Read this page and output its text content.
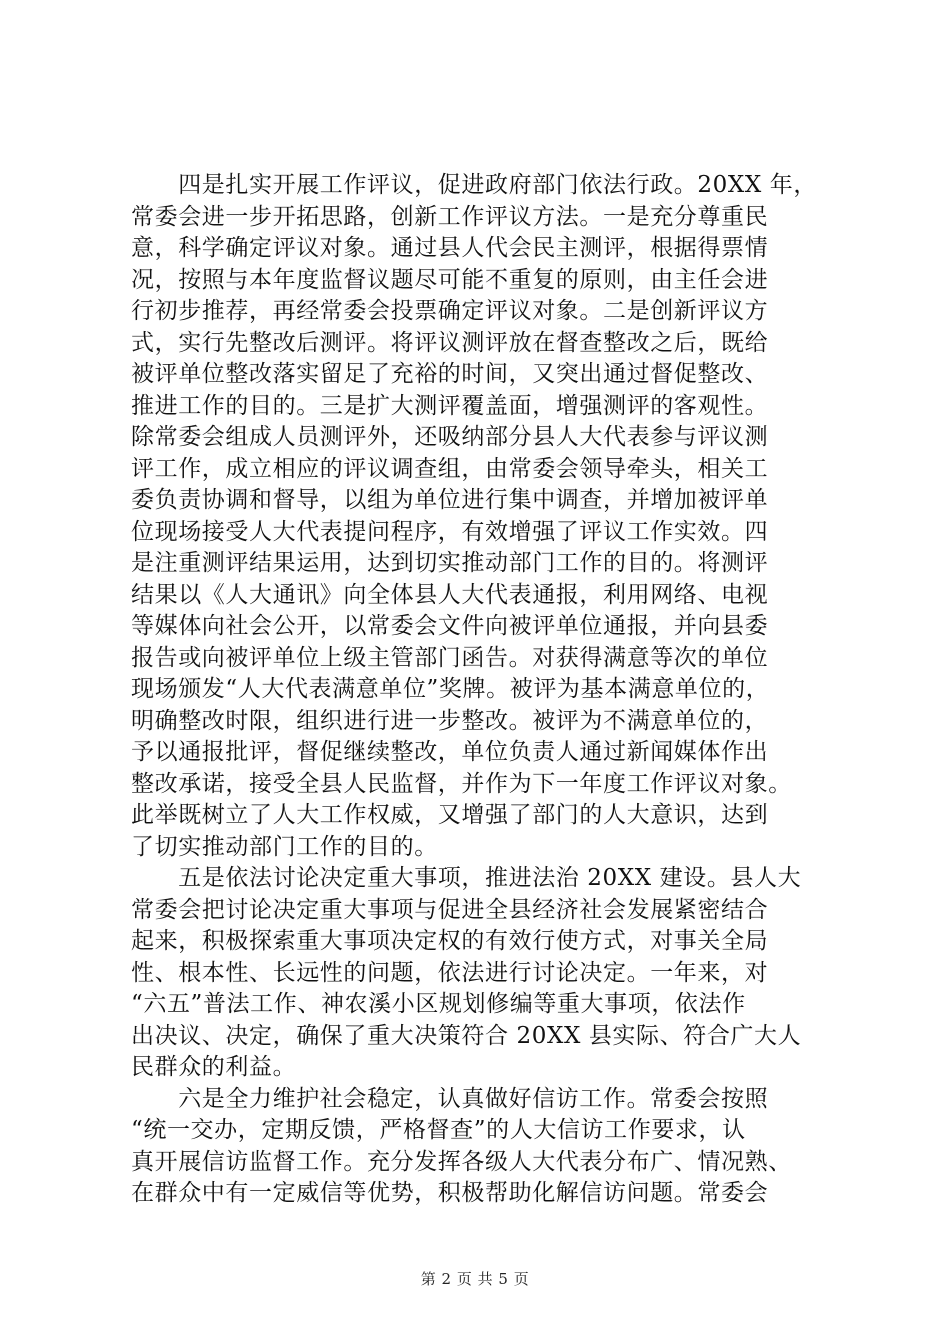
　　四是扎实开展工作评议，促进政府部门依法行政。20XX 年，
常委会进一步开拓思路，创新工作评议方法。一是充分尊重民
意，科学确定评议对象。通过县人代会民主测评，根据得票情
况，按照与本年度监督议题尽可能不重复的原则，由主任会进
行初步推荐，再经常委会投票确定评议对象。二是创新评议方
式，实行先整改后测评。将评议测评放在督查整改之后，既给
被评单位整改落实留足了充裕的时间，又突出通过督促整改、
推进工作的目的。三是扩大测评覆盖面，增强测评的客观性。
除常委会组成人员测评外，还吸纳部分县人大代表参与评议测
评工作，成立相应的评议调查组，由常委会领导牵头，相关工
委负责协调和督导，以组为单位进行集中调查，并增加被评单
位现场接受人大代表提问程序，有效增强了评议工作实效。四
是注重测评结果运用，达到切实推动部门工作的目的。将测评
结果以《人大通讯》向全体县人大代表通报，利用网络、电视
等媒体向社会公开，以常委会文件向被评单位通报，并向县委
报告或向被评单位上级主管部门函告。对获得满意等次的单位
现场颁发“人大代表满意单位”奖牌。被评为基本满意单位的，
明确整改时限，组织进行进一步整改。被评为不满意单位的，
予以通报批评，督促继续整改，单位负责人通过新闻媒体作出
整改承诺，接受全县人民监督，并作为下一年度工作评议对象。
此举既树立了人大工作权威，又增强了部门的人大意识，达到
了切实推动部门工作的目的。
　　五是依法讨论决定重大事项，推进法治 20XX 建设。县人大
常委会把讨论决定重大事项与促进全县经济社会发展紧密结合
起来，积极探索重大事项决定权的有效行使方式，对事关全局
性、根本性、长远性的问题，依法进行讨论决定。一年来，对
“六五”普法工作、神农溪小区规划修编等重大事项，依法作
出决议、决定，确保了重大决策符合 20XX 县实际、符合广大人
民群众的利益。
　　六是全力维护社会稳定，认真做好信访工作。常委会按照
“统一交办，定期反馈，严格督查”的人大信访工作要求，认
真开展信访监督工作。充分发挥各级人大代表分布广、情况熟、
在群众中有一定威信等优势，积极帮助化解信访问题。常委会
第 2 页 共 5 页
